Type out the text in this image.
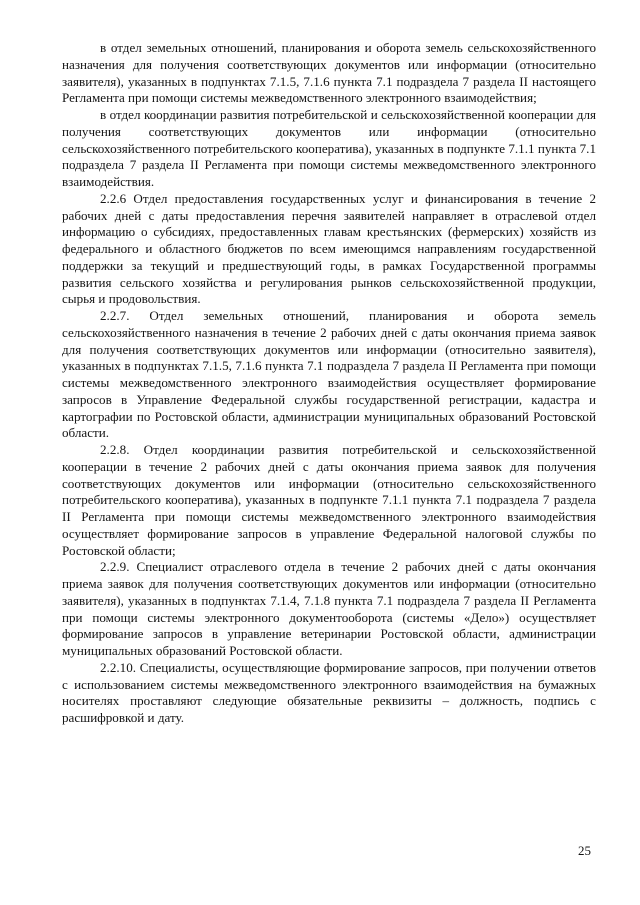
в отдел земельных отношений, планирования и оборота земель сельскохозяйственного назначения для получения соответствующих документов или информации (относительно заявителя), указанных в подпунктах 7.1.5, 7.1.6 пункта 7.1 подраздела 7 раздела II настоящего Регламента при помощи системы межведомственного электронного взаимодействия;

в отдел координации развития потребительской и сельскохозяйственной кооперации для получения соответствующих документов или информации (относительно сельскохозяйственного потребительского кооператива), указанных в подпункте 7.1.1 пункта 7.1 подраздела 7 раздела II Регламента при помощи системы межведомственного электронного взаимодействия.

2.2.6 Отдел предоставления государственных услуг и финансирования в течение 2 рабочих дней с даты предоставления перечня заявителей направляет в отраслевой отдел информацию о субсидиях, предоставленных главам крестьянских (фермерских) хозяйств из федерального и областного бюджетов по всем имеющимся направлениям государственной поддержки за текущий и предшествующий годы, в рамках Государственной программы развития сельского хозяйства и регулирования рынков сельскохозяйственной продукции, сырья и продовольствия.

2.2.7. Отдел земельных отношений, планирования и оборота земель сельскохозяйственного назначения в течение 2 рабочих дней с даты окончания приема заявок для получения соответствующих документов или информации (относительно заявителя), указанных в подпунктах 7.1.5, 7.1.6 пункта 7.1 подраздела 7 раздела II Регламента при помощи системы межведомственного электронного взаимодействия осуществляет формирование запросов в Управление Федеральной службы государственной регистрации, кадастра и картографии по Ростовской области, администрации муниципальных образований Ростовской области.

2.2.8. Отдел координации развития потребительской и сельскохозяйственной кооперации в течение 2 рабочих дней с даты окончания приема заявок для получения соответствующих документов или информации (относительно сельскохозяйственного потребительского кооператива), указанных в подпункте 7.1.1 пункта 7.1 подраздела 7 раздела II Регламента при помощи системы межведомственного электронного взаимодействия осуществляет формирование запросов в управление Федеральной налоговой службы по Ростовской области;

2.2.9. Специалист отраслевого отдела в течение 2 рабочих дней с даты окончания приема заявок для получения соответствующих документов или информации (относительно заявителя), указанных в подпунктах 7.1.4, 7.1.8 пункта 7.1 подраздела 7 раздела II Регламента при помощи системы электронного документооборота (системы «Дело») осуществляет формирование запросов в управление ветеринарии Ростовской области, администрации муниципальных образований Ростовской области.

2.2.10. Специалисты, осуществляющие формирование запросов, при получении ответов с использованием системы межведомственного электронного взаимодействия на бумажных носителях проставляют следующие обязательные реквизиты – должность, подпись с расшифровкой и дату.

25
